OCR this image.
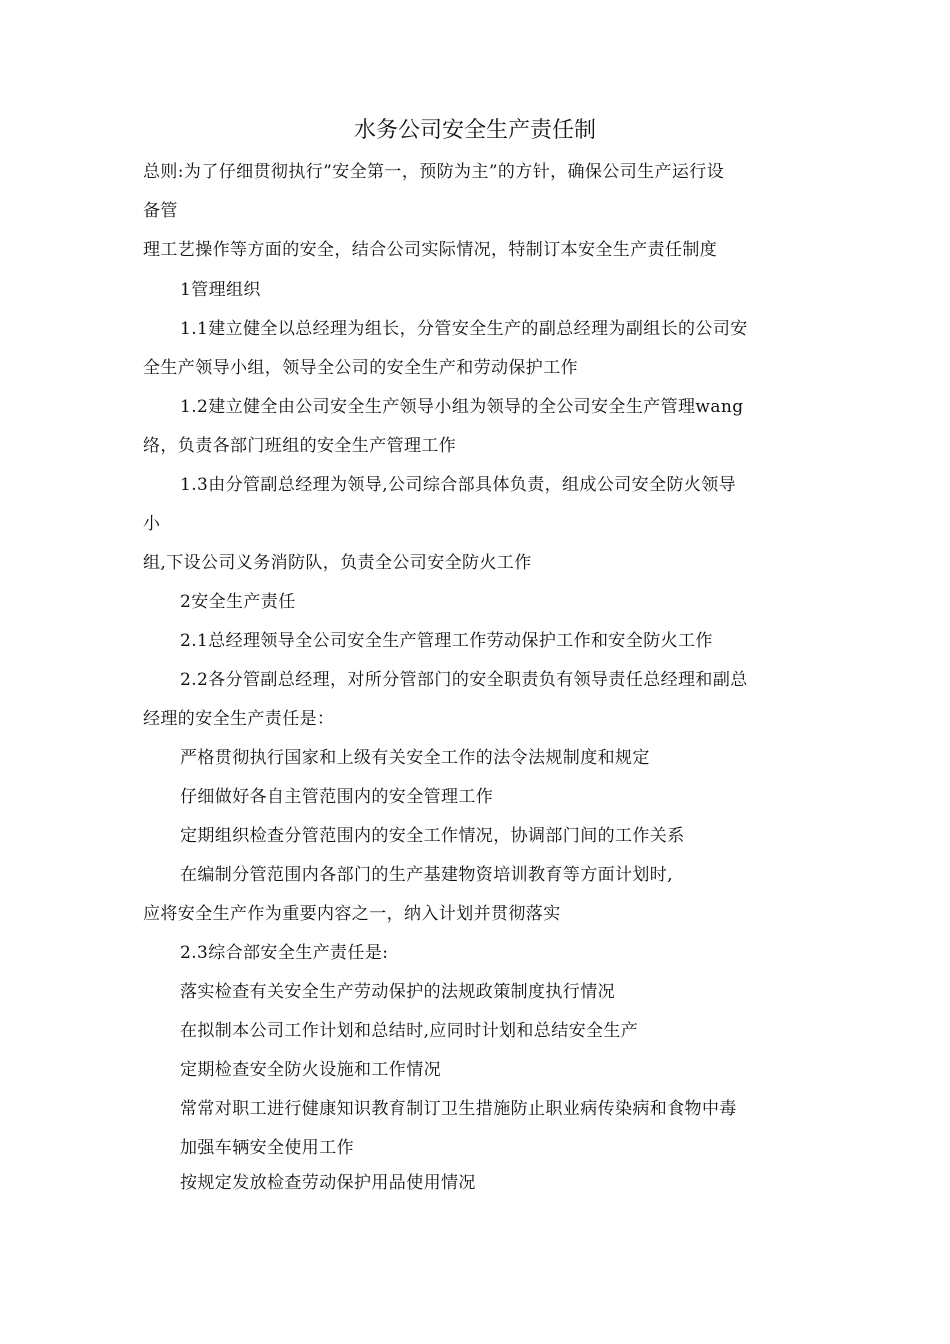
水务公司安全生产责任制
总则:为了仔细贯彻执行”安全第一，预防为主”的方针，确保公司生产运行设
备管
理工艺操作等方面的安全，结合公司实际情况，特制订本安全生产责任制度
1管理组织
1.1建立健全以总经理为组长，分管安全生产的副总经理为副组长的公司安
全生产领导小组，领导全公司的安全生产和劳动保护工作
1.2建立健全由公司安全生产领导小组为领导的全公司安全生产管理wang
络，负责各部门班组的安全生产管理工作
1.3由分管副总经理为领导,公司综合部具体负责，组成公司安全防火领导
小
组,下设公司义务消防队，负责全公司安全防火工作
2安全生产责任
2.1总经理领导全公司安全生产管理工作劳动保护工作和安全防火工作
2.2各分管副总经理，对所分管部门的安全职责负有领导责任总经理和副总
经理的安全生产责任是：
严格贯彻执行国家和上级有关安全工作的法令法规制度和规定
仔细做好各自主管范围内的安全管理工作
定期组织检查分管范围内的安全工作情况，协调部门间的工作关系
在编制分管范围内各部门的生产基建物资培训教育等方面计划时,
应将安全生产作为重要内容之一，纳入计划并贯彻落实
2.3综合部安全生产责任是:
落实检查有关安全生产劳动保护的法规政策制度执行情况
在拟制本公司工作计划和总结时,应同时计划和总结安全生产
定期检查安全防火设施和工作情况
常常对职工进行健康知识教育制订卫生措施防止职业病传染病和食物中毒
加强车辆安全使用工作
按规定发放检查劳动保护用品使用情况
